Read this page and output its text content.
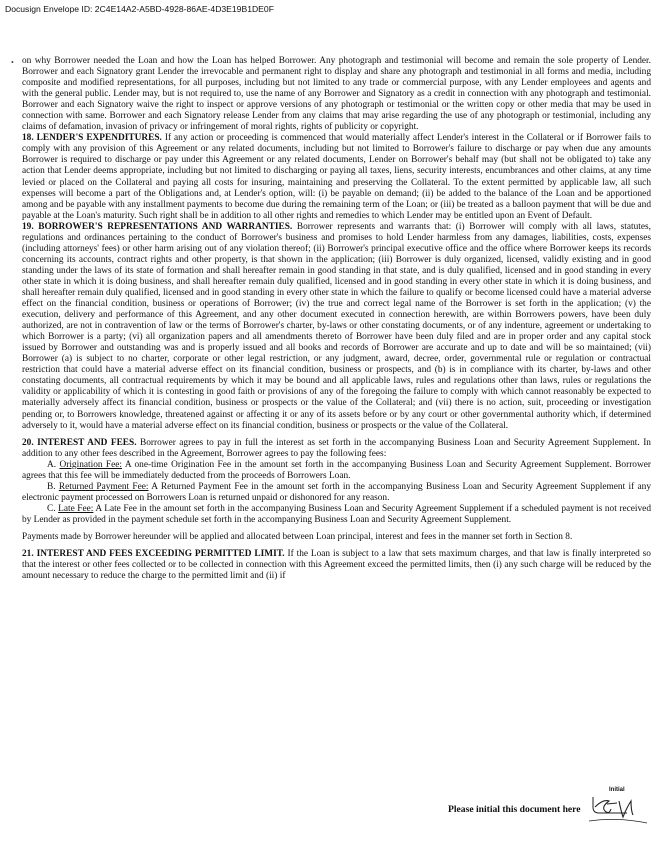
Docusign Envelope ID: 2C4E14A2-A5BD-4928-86AE-4D3E19B1DE0F

• on why Borrower needed the Loan and how the Loan has helped Borrower. Any photograph and testimonial will become and remain the sole property of Lender. Borrower and each Signatory grant Lender the irrevocable and permanent right to display and share any photograph and testimonial in all forms and media, including composite and modified representations, for all purposes, including but not limited to any trade or commercial purpose, with any Lender employees and agents and with the general public. Lender may, but is not required to, use the name of any Borrower and Signatory as a credit in connection with any photograph and testimonial. Borrower and each Signatory waive the right to inspect or approve versions of any photograph or testimonial or the written copy or other media that may be used in connection with same. Borrower and each Signatory release Lender from any claims that may arise regarding the use of any photograph or testimonial, including any claims of defamation, invasion of privacy or infringement of moral rights, rights of publicity or copyright.

18. LENDER'S EXPENDITURES. If any action or proceeding is commenced that would materially affect Lender's interest in the Collateral or if Borrower fails to comply with any provision of this Agreement or any related documents, including but not limited to Borrower's failure to discharge or pay when due any amounts Borrower is required to discharge or pay under this Agreement or any related documents, Lender on Borrower's behalf may (but shall not be obligated to) take any action that Lender deems appropriate, including but not limited to discharging or paying all taxes, liens, security interests, encumbrances and other claims, at any time levied or placed on the Collateral and paying all costs for insuring, maintaining and preserving the Collateral. To the extent permitted by applicable law, all such expenses will become a part of the Obligations and, at Lender's option, will: (i) be payable on demand; (ii) be added to the balance of the Loan and be apportioned among and be payable with any installment payments to become due during the remaining term of the Loan; or (iii) be treated as a balloon payment that will be due and payable at the Loan's maturity. Such right shall be in addition to all other rights and remedies to which Lender may be entitled upon an Event of Default.

19. BORROWER'S REPRESENTATIONS AND WARRANTIES. Borrower represents and warrants that: (i) Borrower will comply with all laws, statutes, regulations and ordinances pertaining to the conduct of Borrower's business and promises to hold Lender harmless from any damages, liabilities, costs, expenses (including attorneys' fees) or other harm arising out of any violation thereof; (ii) Borrower's principal executive office and the office where Borrower keeps its records concerning its accounts, contract rights and other property, is that shown in the application; (iii) Borrower is duly organized, licensed, validly existing and in good standing under the laws of its state of formation and shall hereafter remain in good standing in that state, and is duly qualified, licensed and in good standing in every other state in which it is doing business, and shall hereafter remain duly qualified, licensed and in good standing in every other state in which it is doing business, and shall hereafter remain duly qualified, licensed and in good standing in every other state in which the failure to qualify or become licensed could have a material adverse effect on the financial condition, business or operations of Borrower; (iv) the true and correct legal name of the Borrower is set forth in the application; (v) the execution, delivery and performance of this Agreement, and any other document executed in connection herewith, are within Borrowers powers, have been duly authorized, are not in contravention of law or the terms of Borrower's charter, by-laws or other constating documents, or of any indenture, agreement or undertaking to which Borrower is a party; (vi) all organization papers and all amendments thereto of Borrower have been duly filed and are in proper order and any capital stock issued by Borrower and outstanding was and is properly issued and all books and records of Borrower are accurate and up to date and will be so maintained; (vii) Borrower (a) is subject to no charter, corporate or other legal restriction, or any judgment, award, decree, order, governmental rule or regulation or contractual restriction that could have a material adverse effect on its financial condition, business or prospects, and (b) is in compliance with its charter, by-laws and other constating documents, all contractual requirements by which it may be bound and all applicable laws, rules and regulations other than laws, rules or regulations the validity or applicability of which it is contesting in good faith or provisions of any of the foregoing the failure to comply with which cannot reasonably be expected to materially adversely affect its financial condition, business or prospects or the value of the Collateral; and (vii) there is no action, suit, proceeding or investigation pending or, to Borrowers knowledge, threatened against or affecting it or any of its assets before or by any court or other governmental authority which, if determined adversely to it, would have a material adverse effect on its financial condition, business or prospects or the value of the Collateral.

20. INTEREST AND FEES. Borrower agrees to pay in full the interest as set forth in the accompanying Business Loan and Security Agreement Supplement. In addition to any other fees described in the Agreement, Borrower agrees to pay the following fees:

A. Origination Fee: A one-time Origination Fee in the amount set forth in the accompanying Business Loan and Security Agreement Supplement. Borrower agrees that this fee will be immediately deducted from the proceeds of Borrowers Loan.

B. Returned Payment Fee: A Returned Payment Fee in the amount set forth in the accompanying Business Loan and Security Agreement Supplement if any electronic payment processed on Borrowers Loan is returned unpaid or dishonored for any reason.

C. Late Fee: A Late Fee in the amount set forth in the accompanying Business Loan and Security Agreement Supplement if a scheduled payment is not received by Lender as provided in the payment schedule set forth in the accompanying Business Loan and Security Agreement Supplement.

Payments made by Borrower hereunder will be applied and allocated between Loan principal, interest and fees in the manner set forth in Section 8.

21. INTEREST AND FEES EXCEEDING PERMITTED LIMIT. If the Loan is subject to a law that sets maximum charges, and that law is finally interpreted so that the interest or other fees collected or to be collected in connection with this Agreement exceed the permitted limits, then (i) any such charge will be reduced by the amount necessary to reduce the charge to the permitted limit and (ii) if

Please initial this document here
Initial
